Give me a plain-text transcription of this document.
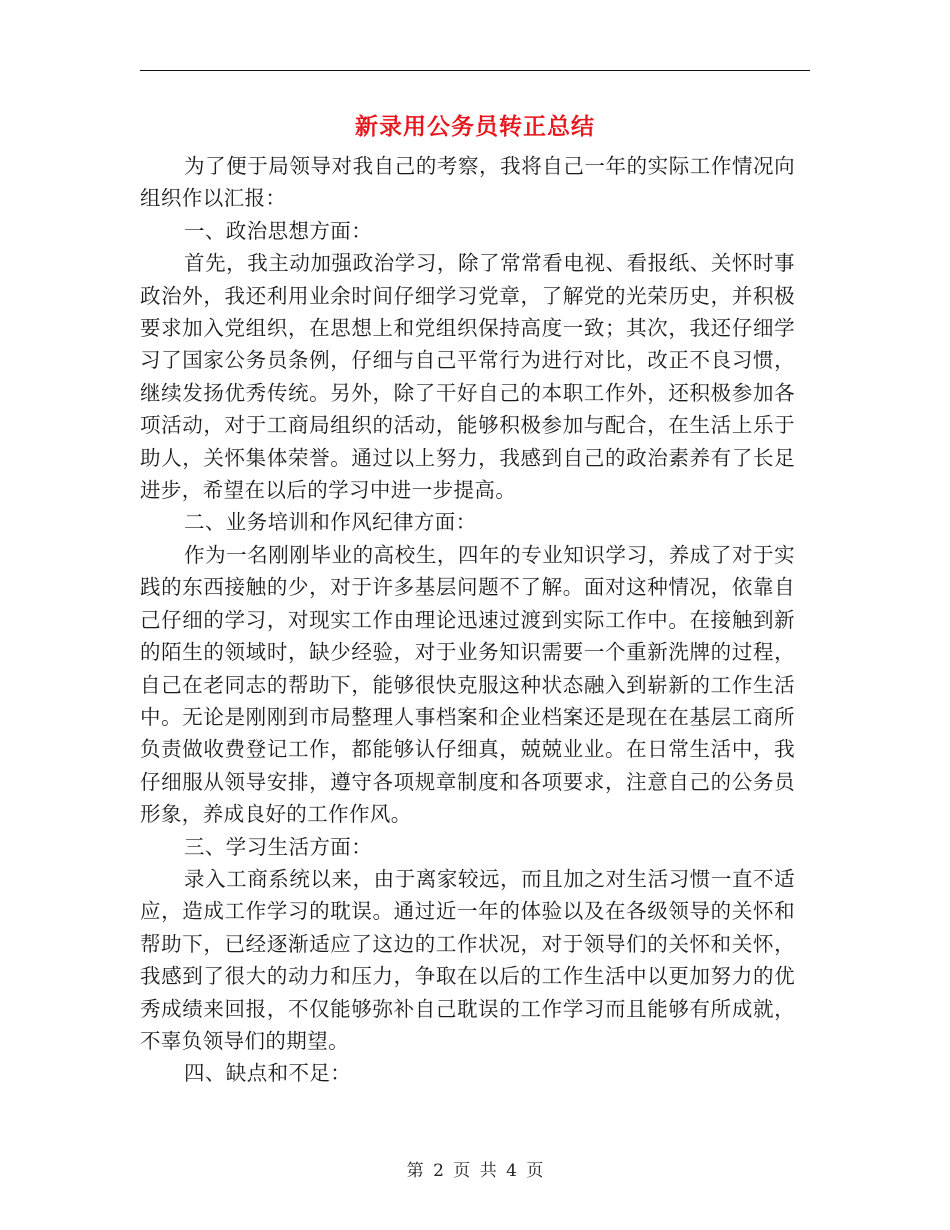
新录用公务员转正总结

为了便于局领导对我自己的考察，我将自己一年的实际工作情况向组织作以汇报：

一、政治思想方面：

首先，我主动加强政治学习，除了常常看电视、看报纸、关怀时事政治外，我还利用业余时间仔细学习党章，了解党的光荣历史，并积极要求加入党组织，在思想上和党组织保持高度一致；其次，我还仔细学习了国家公务员条例，仔细与自己平常行为进行对比，改正不良习惯，继续发扬优秀传统。另外，除了干好自己的本职工作外，还积极参加各项活动，对于工商局组织的活动，能够积极参加与配合，在生活上乐于助人，关怀集体荣誉。通过以上努力，我感到自己的政治素养有了长足进步，希望在以后的学习中进一步提高。

二、业务培训和作风纪律方面：

作为一名刚刚毕业的高校生，四年的专业知识学习，养成了对于实践的东西接触的少，对于许多基层问题不了解。面对这种情况，依靠自己仔细的学习，对现实工作由理论迅速过渡到实际工作中。在接触到新的陌生的领域时，缺少经验，对于业务知识需要一个重新洗牌的过程，自己在老同志的帮助下，能够很快克服这种状态融入到崭新的工作生活中。无论是刚刚到市局整理人事档案和企业档案还是现在在基层工商所负责做收费登记工作，都能够认仔细真，兢兢业业。在日常生活中，我仔细服从领导安排，遵守各项规章制度和各项要求，注意自己的公务员形象，养成良好的工作作风。

三、学习生活方面：

录入工商系统以来，由于离家较远，而且加之对生活习惯一直不适应，造成工作学习的耽误。通过近一年的体验以及在各级领导的关怀和帮助下，已经逐渐适应了这边的工作状况，对于领导们的关怀和关怀，我感到了很大的动力和压力，争取在以后的工作生活中以更加努力的优秀成绩来回报，不仅能够弥补自己耽误的工作学习而且能够有所成就，不辜负领导们的期望。

四、缺点和不足：

第 2 页 共 4 页
